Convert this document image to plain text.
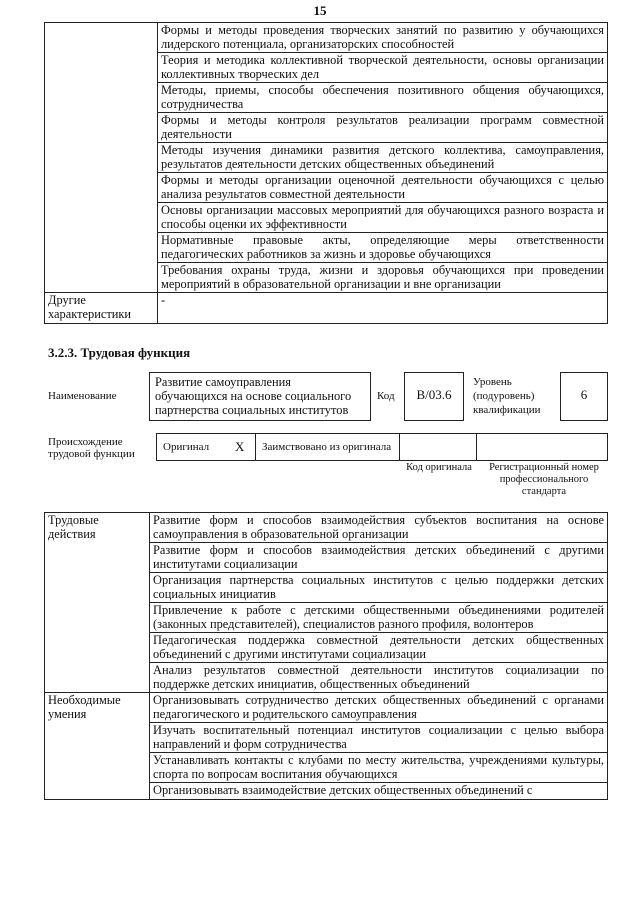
15
	Формы и методы проведения творческих занятий по развитию у обучающихся лидерского потенциала, организаторских способностей
	Теория и методика коллективной творческой деятельности, основы организации коллективных творческих дел
	Методы, приемы, способы обеспечения позитивного общения обучающихся, сотрудничества
	Формы и методы контроля результатов реализации программ совместной деятельности
	Методы изучения динамики развития детского коллектива, самоуправления, результатов деятельности детских общественных объединений
	Формы и методы организации оценочной деятельности обучающихся с целью анализа результатов совместной деятельности
	Основы организации массовых мероприятий для обучающихся разного возраста и способы оценки их эффективности
	Нормативные правовые акты, определяющие меры ответственности педагогических работников за жизнь и здоровье обучающихся
	Требования охраны труда, жизни и здоровья обучающихся при проведении мероприятий в образовательной организации и вне организации
Другие характеристики	-
3.2.3. Трудовая функция
Наименование
Развитие самоуправления обучающихся на основе социального партнерства социальных институтов
Код	B/03.6
Уровень (подуровень) квалификации
6
Происхождение трудовой функции
Оригинал X Заимствовано из оригинала
Код оригинала	Регистрационный номер профессионального стандарта
Трудовые действия	Развитие форм и способов взаимодействия субъектов воспитания на основе самоуправления в образовательной организации
	Развитие форм и способов взаимодействия детских объединений с другими институтами социализации
	Организация партнерства социальных институтов с целью поддержки детских социальных инициатив
	Привлечение к работе с детскими общественными объединениями родителей (законных представителей), специалистов разного профиля, волонтеров
	Педагогическая поддержка совместной деятельности детских общественных объединений с другими институтами социализации
	Анализ результатов совместной деятельности институтов социализации по поддержке детских инициатив, общественных объединений
Необходимые умения	Организовывать сотрудничество детских общественных объединений с органами педагогического и родительского самоуправления
	Изучать воспитательный потенциал институтов социализации с целью выбора направлений и форм сотрудничества
	Устанавливать контакты с клубами по месту жительства, учреждениями культуры, спорта по вопросам воспитания обучающихся
	Организовывать взаимодействие детских общественных объединений с
